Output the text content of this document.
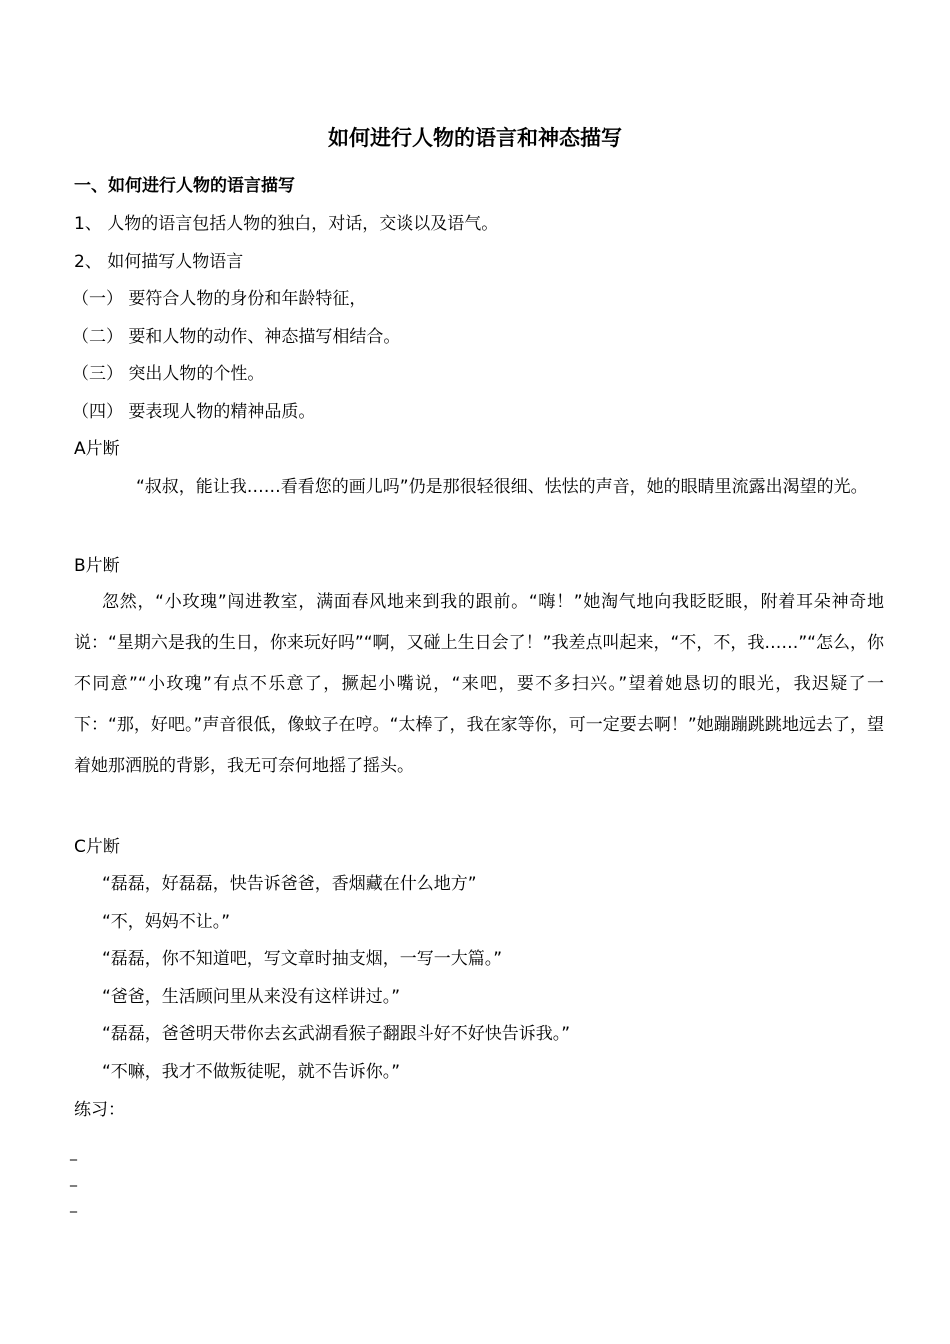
如何进行人物的语言和神态描写
一、如何进行人物的语言描写
1、 人物的语言包括人物的独白，对话，交谈以及语气。
2、 如何描写人物语言
（一） 要符合人物的身份和年龄特征，
（二） 要和人物的动作、神态描写相结合。
（三） 突出人物的个性。
（四） 要表现人物的精神品质。
A片断
“叔叔，能让我……看看您的画儿吗”仍是那很轻很细、怯怯的声音，她的眼睛里流露出渴望的光。
B片断
忽然，“小玫瑰”闯进教室，满面春风地来到我的跟前。“嗨！”她淘气地向我眨眨眼，附着耳朵神奇地说：“星期六是我的生日，你来玩好吗”“啊，又碰上生日会了！”我差点叫起来，“不，不，我……”“怎么，你不同意”“小玫瑰”有点不乐意了，撅起小嘴说，“来吧，要不多扫兴。”望着她恳切的眼光，我迟疑了一下：“那，好吧。”声音很低，像蚊子在哼。“太棒了，我在家等你，可一定要去啊！”她蹦蹦跳跳地远去了，望着她那洒脱的背影，我无可奈何地摇了摇头。
C片断
“磊磊，好磊磊，快告诉爸爸，香烟藏在什么地方”
“不，妈妈不让。”
“磊磊，你不知道吧，写文章时抽支烟，一写一大篇。”
“爸爸，生活顾问里从来没有这样讲过。”
“磊磊，爸爸明天带你去玄武湖看猴子翻跟斗好不好快告诉我。”
“不嘛，我才不做叛徒呢，就不告诉你。”
练习：
_
_
_
